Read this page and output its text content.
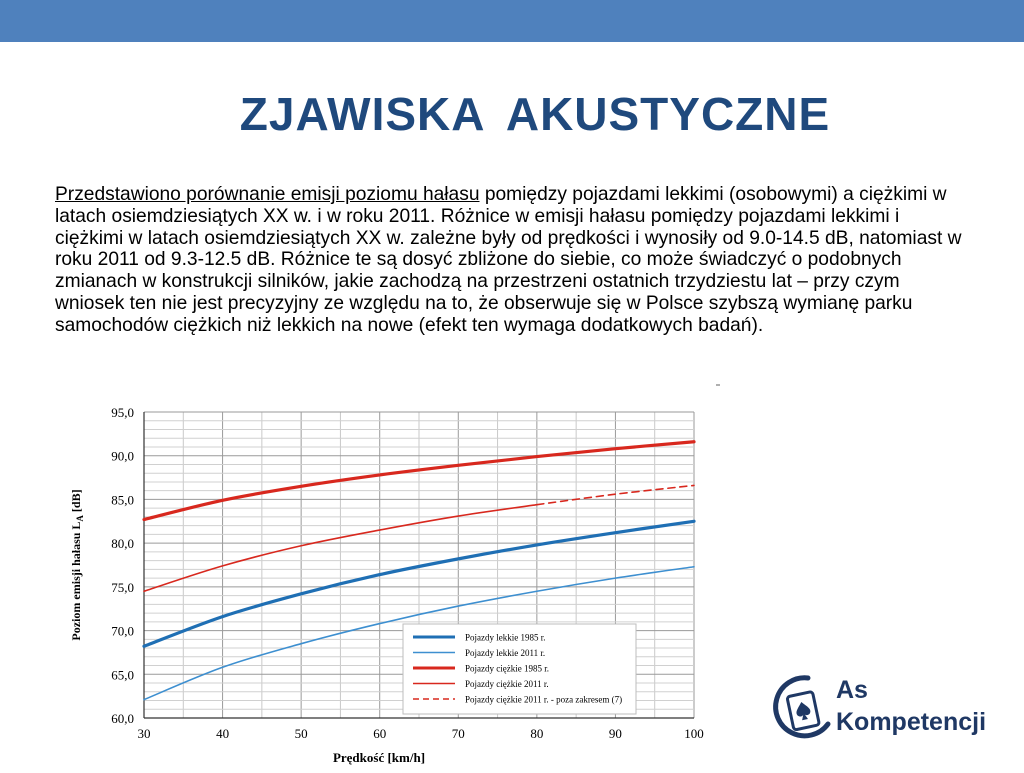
ZJAWISKA AKUSTYCZNE

Przedstawiono porównanie emisji poziomu hałasu pomiędzy pojazdami lekkimi (osobowymi) a ciężkimi w latach osiemdziesiątych XX w. i w roku 2011. Różnice w emisji hałasu pomiędzy pojazdami lekkimi i ciężkimi w latach osiemdziesiątych XX w. zależne były od prędkości i wynosiły od 9.0-14.5 dB, natomiast w roku 2011 od 9.3-12.5 dB. Różnice te są dosyć zbliżone do siebie, co może świadczyć o podobnych zmianach w konstrukcji silników, jakie zachodzą na przestrzeni ostatnich trzydziestu lat – przy czym wniosek ten nie jest precyzyjny ze względu na to, że obserwuje się w Polsce szybszą wymianę parku samochodów ciężkich niż lekkich na nowe (efekt ten wymaga dodatkowych badań).

60,0
65,0
70,0
75,0
80,0
85,0
90,0
95,0
30	40	50	60	70	80	90	100
Prędkość [km/h]
Poziom emisji hałasu $L_A$ [dB]
Pojazdy lekkie 1985 r.
Pojazdy lekkie 2011 r.
Pojazdy ciężkie 1985 r.
Pojazdy ciężkie 2011 r.
Pojazdy ciężkie 2011 r. - poza zakresem (7)	As
Kompetencji
